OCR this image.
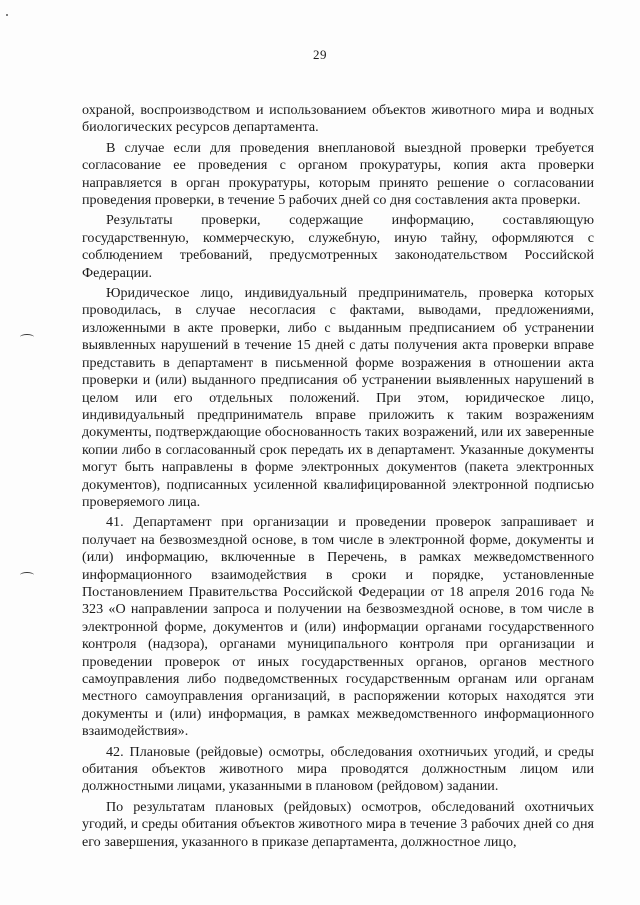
29

охраной, воспроизводством и использованием объектов животного мира и водных биологических ресурсов департамента.

В случае если для проведения внеплановой выездной проверки требуется согласование ее проведения с органом прокуратуры, копия акта проверки направляется в орган прокуратуры, которым принято решение о согласовании проведения проверки, в течение 5 рабочих дней со дня составления акта проверки.

Результаты проверки, содержащие информацию, составляющую государственную, коммерческую, служебную, иную тайну, оформляются с соблюдением требований, предусмотренных законодательством Российской Федерации.

Юридическое лицо, индивидуальный предприниматель, проверка которых проводилась, в случае несогласия с фактами, выводами, предложениями, изложенными в акте проверки, либо с выданным предписанием об устранении выявленных нарушений в течение 15 дней с даты получения акта проверки вправе представить в департамент в письменной форме возражения в отношении акта проверки и (или) выданного предписания об устранении выявленных нарушений в целом или его отдельных положений. При этом, юридическое лицо, индивидуальный предприниматель вправе приложить к таким возражениям документы, подтверждающие обоснованность таких возражений, или их заверенные копии либо в согласованный срок передать их в департамент. Указанные документы могут быть направлены в форме электронных документов (пакета электронных документов), подписанных усиленной квалифицированной электронной подписью проверяемого лица.

41. Департамент при организации и проведении проверок запрашивает и получает на безвозмездной основе, в том числе в электронной форме, документы и (или) информацию, включенные в Перечень, в рамках межведомственного информационного взаимодействия в сроки и порядке, установленные Постановлением Правительства Российской Федерации от 18 апреля 2016 года № 323 «О направлении запроса и получении на безвозмездной основе, в том числе в электронной форме, документов и (или) информации органами государственного контроля (надзора), органами муниципального контроля при организации и проведении проверок от иных государственных органов, органов местного самоуправления либо подведомственных государственным органам или органам местного самоуправления организаций, в распоряжении которых находятся эти документы и (или) информация, в рамках межведомственного информационного взаимодействия».

42. Плановые (рейдовые) осмотры, обследования охотничьих угодий, и среды обитания объектов животного мира проводятся должностным лицом или должностными лицами, указанными в плановом (рейдовом) задании.

По результатам плановых (рейдовых) осмотров, обследований охотничьих угодий, и среды обитания объектов животного мира в течение 3 рабочих дней со дня его завершения, указанного в приказе департамента, должностное лицо,
